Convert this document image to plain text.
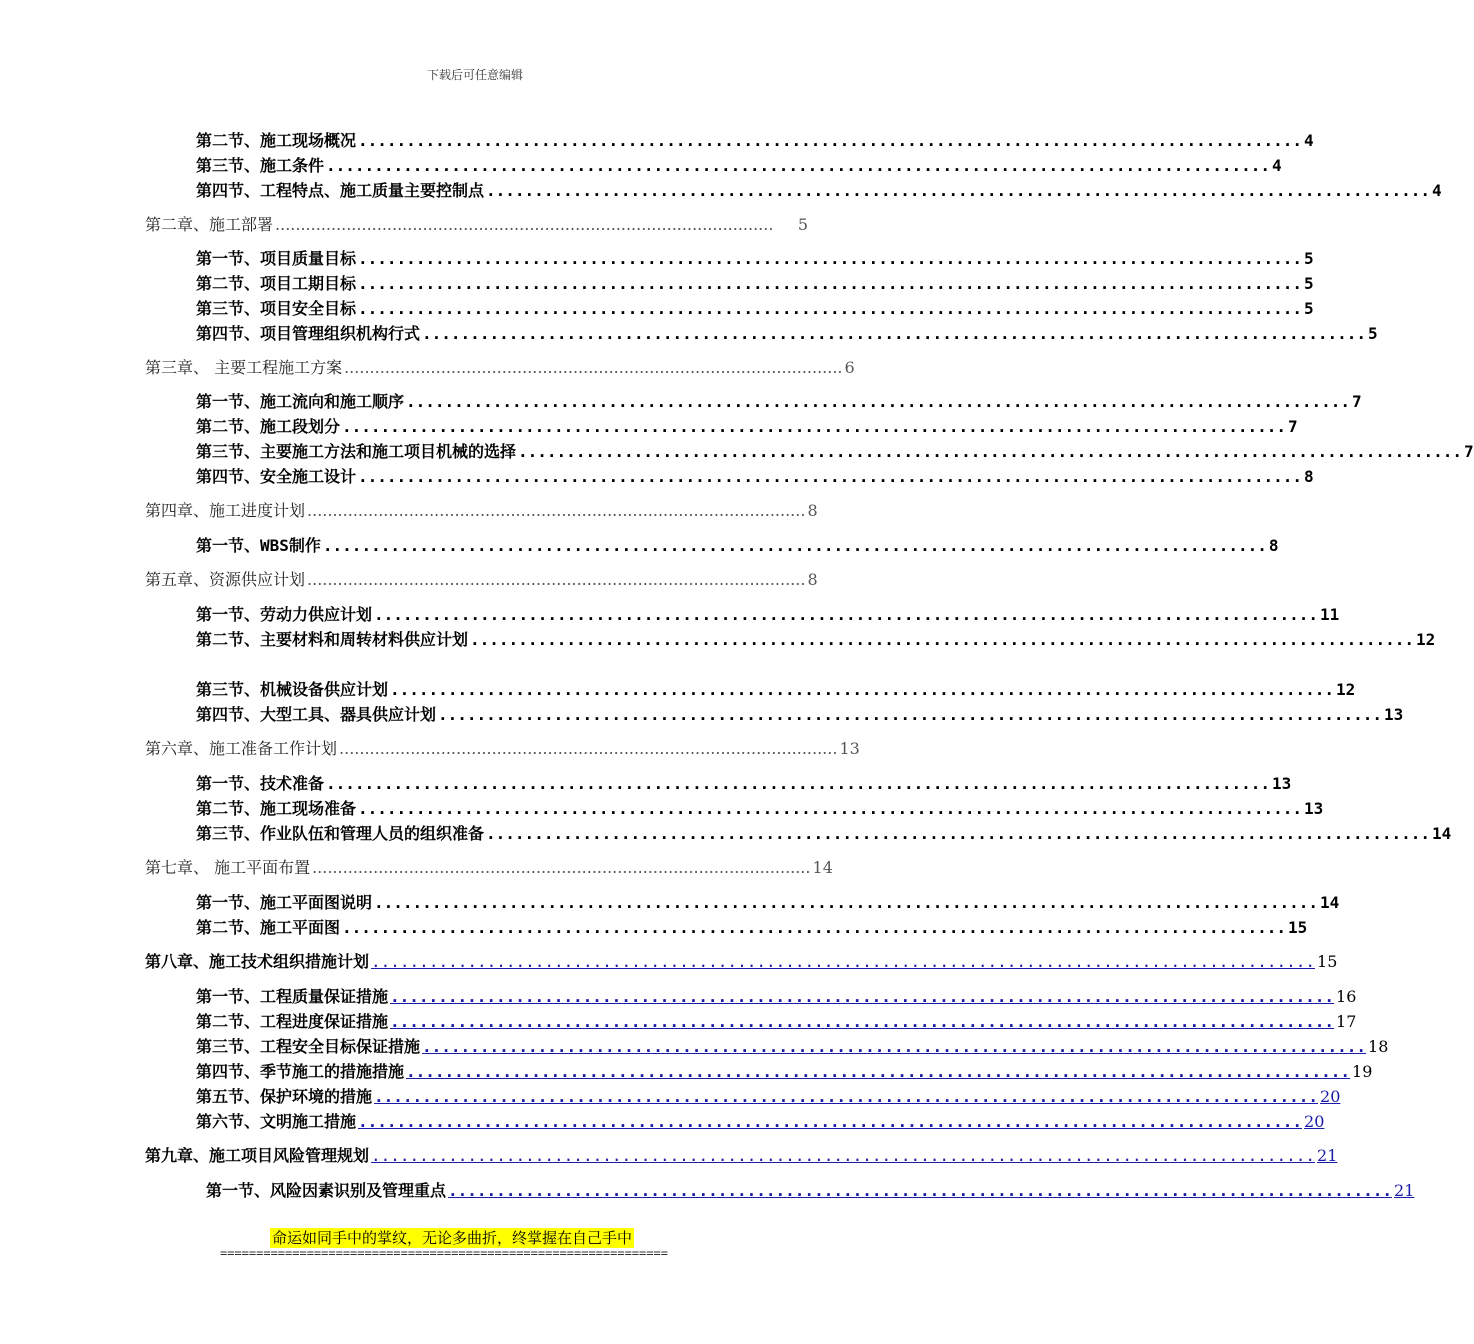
下载后可任意编辑
第二节、施工现场概况 .................................................................................................. 4
第三节、施工条件 .................................................................................................. 4
第四节、工程特点、施工质量主要控制点 .................................................................................................. 4
第二章、施工部署 ..................................................................................................	5
第一节、项目质量目标 .................................................................................................. 5
第二节、项目工期目标 .................................................................................................. 5
第三节、项目安全目标 .................................................................................................. 5
第四节、项目管理组织机构行式 .................................................................................................. 5
第三章、 主要工程施工方案 .................................................................................................. 6
第一节、施工流向和施工顺序 .................................................................................................. 7
第二节、施工段划分 .................................................................................................. 7
第三节、主要施工方法和施工项目机械的选择 .................................................................................................. 7
第四节、安全施工设计 .................................................................................................. 8
第四章、施工进度计划 .................................................................................................. 8
第一节、WBS制作 .................................................................................................. 8
第五章、资源供应计划 .................................................................................................. 8
第一节、劳动力供应计划 .................................................................................................. 11
第二节、主要材料和周转材料供应计划 .................................................................................................. 12
第三节、机械设备供应计划 .................................................................................................. 12
第四节、大型工具、器具供应计划 .................................................................................................. 13
第六章、施工准备工作计划 .................................................................................................. 13
第一节、技术准备 .................................................................................................. 13
第二节、施工现场准备 .................................................................................................. 13
第三节、作业队伍和管理人员的组织准备 .................................................................................................. 14
第七章、 施工平面布置 .................................................................................................. 14
第一节、施工平面图说明 .................................................................................................. 14
第二节、施工平面图 .................................................................................................. 15
第八章、施工技术组织措施计划 .................................................................................................. 15
第一节、工程质量保证措施 .................................................................................................. 16
第二节、工程进度保证措施 .................................................................................................. 17
第三节、工程安全目标保证措施 .................................................................................................. 18
第四节、季节施工的措施措施 .................................................................................................. 19
第五节、保护环境的措施 .................................................................................................. 20
第六节、文明施工措施 .................................................................................................. 20
第九章、施工项目风险管理规划 .................................................................................................. 21
第一节、风险因素识别及管理重点 .................................................................................................. 21
命运如同手中的掌纹，无论多曲折，终掌握在自己手中
==============================================================
